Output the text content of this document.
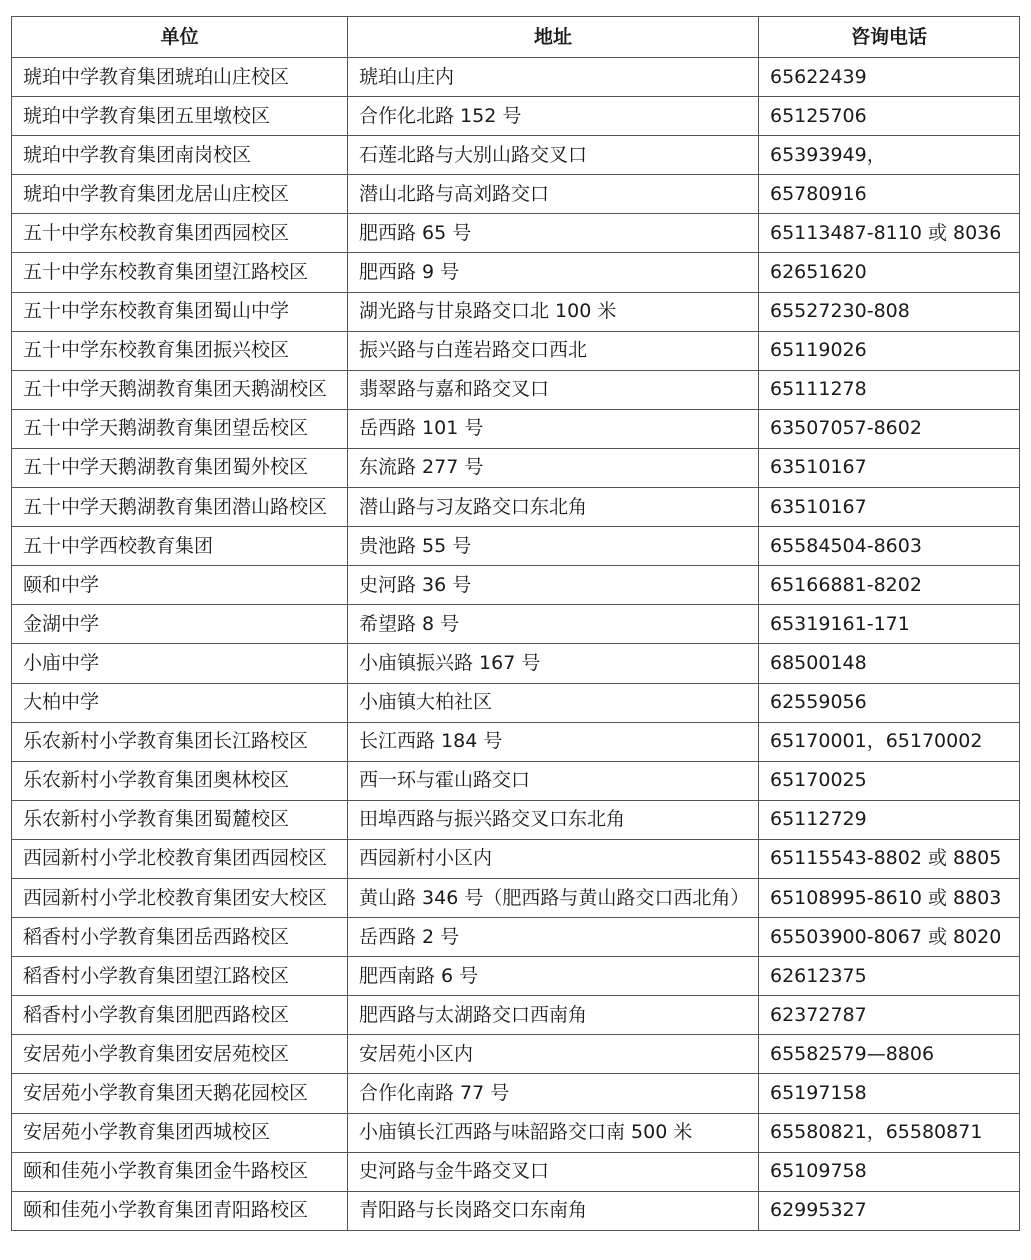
单位	地址	咨询电话
琥珀中学教育集团琥珀山庄校区	琥珀山庄内	65622439
琥珀中学教育集团五里墩校区	合作化北路 152 号	65125706
琥珀中学教育集团南岗校区	石莲北路与大别山路交叉口	65393949，
琥珀中学教育集团龙居山庄校区	潜山北路与高刘路交口	65780916
五十中学东校教育集团西园校区	肥西路 65 号	65113487-8110 或 8036
五十中学东校教育集团望江路校区	肥西路 9 号	62651620
五十中学东校教育集团蜀山中学	湖光路与甘泉路交口北 100 米	65527230-808
五十中学东校教育集团振兴校区	振兴路与白莲岩路交口西北	65119026
五十中学天鹅湖教育集团天鹅湖校区	翡翠路与嘉和路交叉口	65111278
五十中学天鹅湖教育集团望岳校区	岳西路 101 号	63507057-8602
五十中学天鹅湖教育集团蜀外校区	东流路 277 号	63510167
五十中学天鹅湖教育集团潜山路校区	潜山路与习友路交口东北角	63510167
五十中学西校教育集团	贵池路 55 号	65584504-8603
颐和中学	史河路 36 号	65166881-8202
金湖中学	希望路 8 号	65319161-171
小庙中学	小庙镇振兴路 167 号	68500148
大柏中学	小庙镇大柏社区	62559056
乐农新村小学教育集团长江路校区	长江西路 184 号	65170001，65170002
乐农新村小学教育集团奥林校区	西一环与霍山路交口	65170025
乐农新村小学教育集团蜀麓校区	田埠西路与振兴路交叉口东北角	65112729
西园新村小学北校教育集团西园校区	西园新村小区内	65115543-8802 或 8805
西园新村小学北校教育集团安大校区	黄山路 346 号（肥西路与黄山路交口西北角）	65108995-8610 或 8803
稻香村小学教育集团岳西路校区	岳西路 2 号	65503900-8067 或 8020
稻香村小学教育集团望江路校区	肥西南路 6 号	62612375
稻香村小学教育集团肥西路校区	肥西路与太湖路交口西南角	62372787
安居苑小学教育集团安居苑校区	安居苑小区内	65582579—8806
安居苑小学教育集团天鹅花园校区	合作化南路 77 号	65197158
安居苑小学教育集团西城校区	小庙镇长江西路与味韶路交口南 500 米	65580821，65580871
颐和佳苑小学教育集团金牛路校区	史河路与金牛路交叉口	65109758
颐和佳苑小学教育集团青阳路校区	青阳路与长岗路交口东南角	62995327
